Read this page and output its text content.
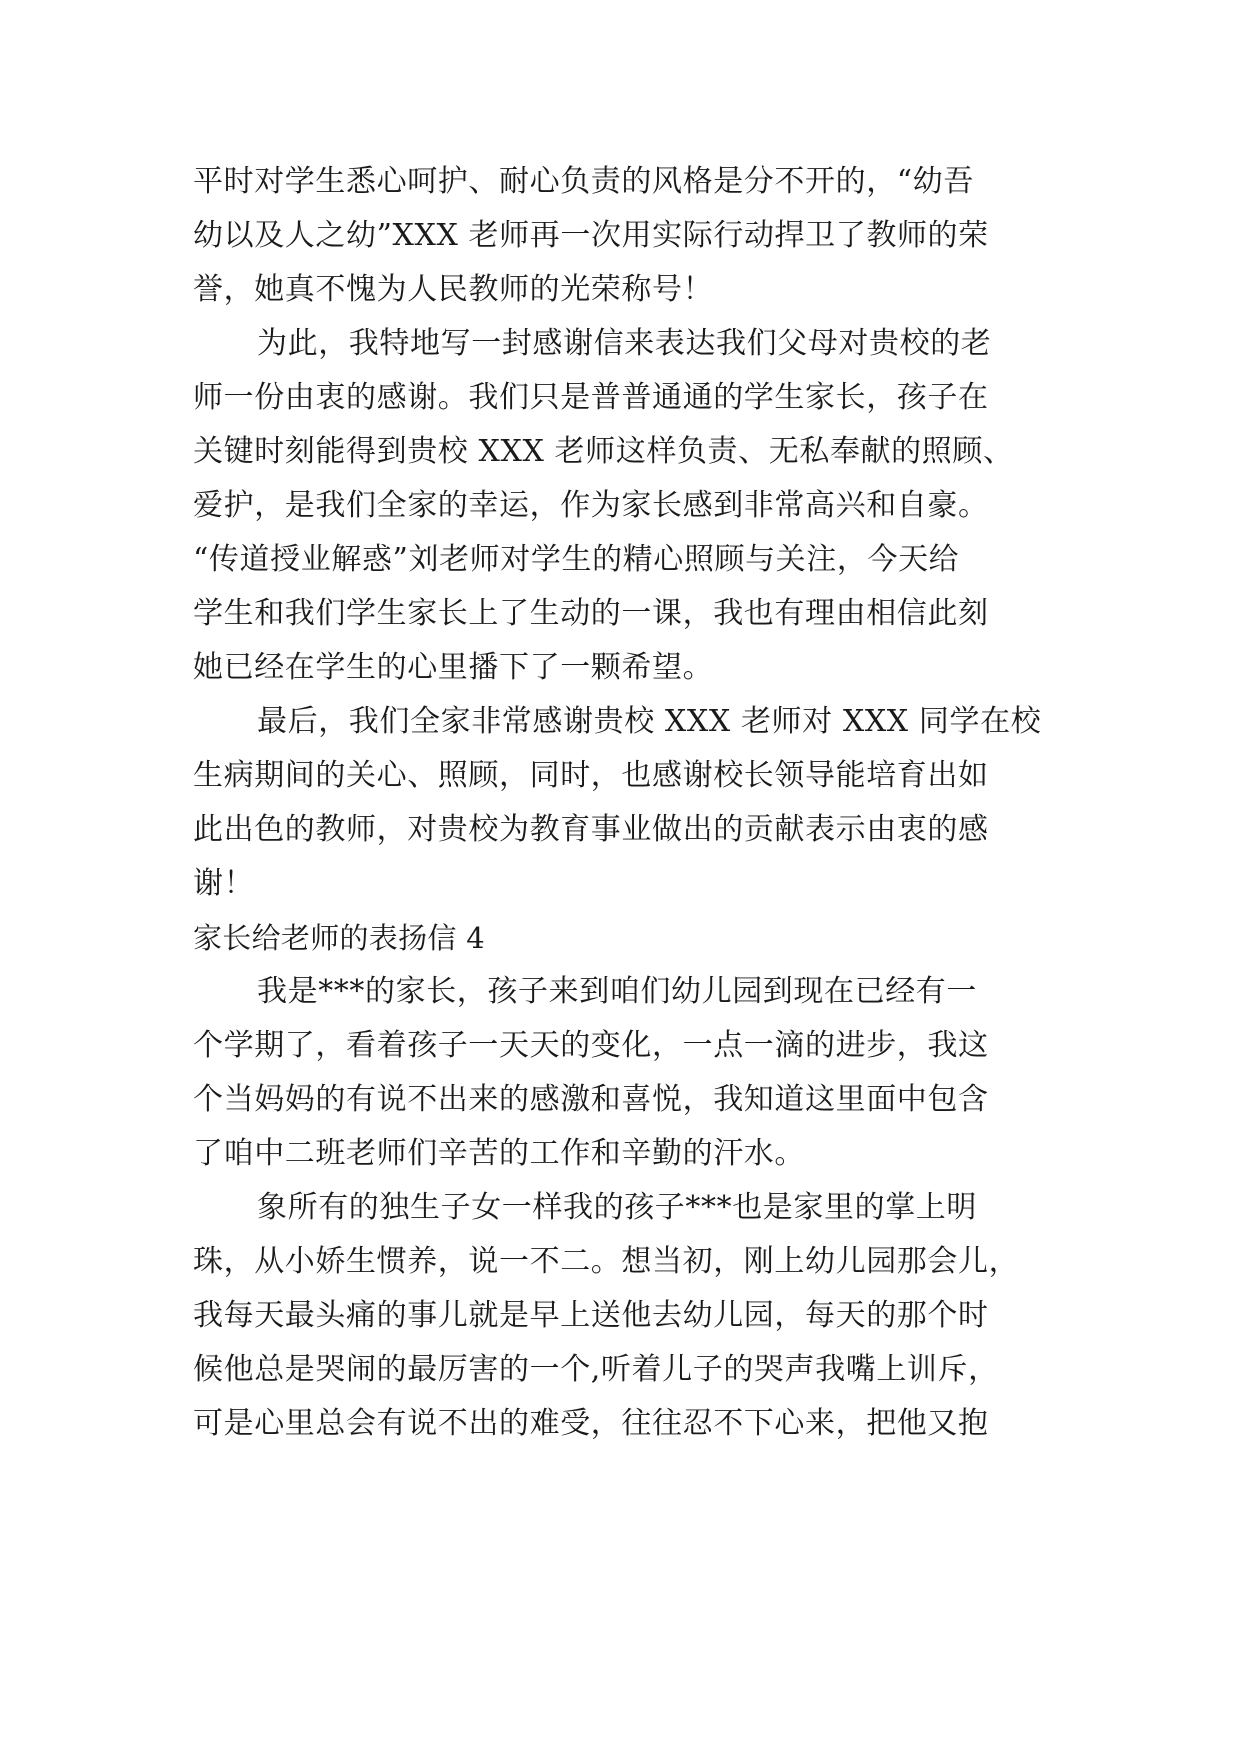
平时对学生悉心呵护、耐心负责的风格是分不开的，“幼吾
幼以及人之幼”XXX 老师再一次用实际行动捍卫了教师的荣
誉，她真不愧为人民教师的光荣称号！
为此，我特地写一封感谢信来表达我们父母对贵校的老
师一份由衷的感谢。我们只是普普通通的学生家长，孩子在
关键时刻能得到贵校 XXX 老师这样负责、无私奉献的照顾、
爱护，是我们全家的幸运，作为家长感到非常高兴和自豪。
“传道授业解惑”刘老师对学生的精心照顾与关注，今天给
学生和我们学生家长上了生动的一课，我也有理由相信此刻
她已经在学生的心里播下了一颗希望。
最后，我们全家非常感谢贵校 XXX 老师对 XXX 同学在校
生病期间的关心、照顾，同时，也感谢校长领导能培育出如
此出色的教师，对贵校为教育事业做出的贡献表示由衷的感
谢！
家长给老师的表扬信 4
我是***的家长，孩子来到咱们幼儿园到现在已经有一
个学期了，看着孩子一天天的变化，一点一滴的进步，我这
个当妈妈的有说不出来的感激和喜悦，我知道这里面中包含
了咱中二班老师们辛苦的工作和辛勤的汗水。
象所有的独生子女一样我的孩子***也是家里的掌上明
珠，从小娇生惯养，说一不二。想当初，刚上幼儿园那会儿，
我每天最头痛的事儿就是早上送他去幼儿园，每天的那个时
候他总是哭闹的最厉害的一个,听着儿子的哭声我嘴上训斥，
可是心里总会有说不出的难受，往往忍不下心来，把他又抱
